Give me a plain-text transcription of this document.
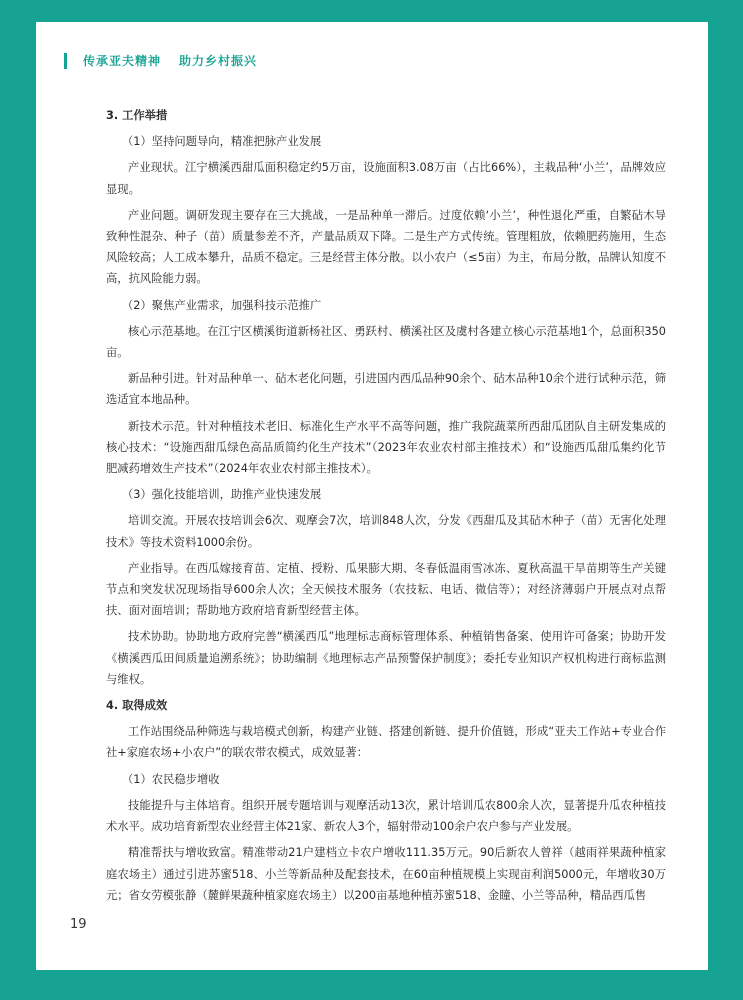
传承亚夫精神 助力乡村振兴

3. 工作举措

（1）坚持问题导向，精准把脉产业发展

产业现状。江宁横溪西甜瓜面积稳定约5万亩，设施面积3.08万亩（占比66%），主栽品种‘小兰’，品牌效应显现。

产业问题。调研发现主要存在三大挑战，一是品种单一滞后。过度依赖‘小兰’，种性退化严重，自繁砧木导致种性混杂、种子（苗）质量参差不齐，产量品质双下降。二是生产方式传统。管理粗放，依赖肥药施用，生态风险较高；人工成本攀升，品质不稳定。三是经营主体分散。以小农户（≤5亩）为主，布局分散，品牌认知度不高，抗风险能力弱。

（2）聚焦产业需求，加强科技示范推广

核心示范基地。在江宁区横溪街道新杨社区、勇跃村、横溪社区及虞村各建立核心示范基地1个，总面积350亩。

新品种引进。针对品种单一、砧木老化问题，引进国内西瓜品种90余个、砧木品种10余个进行试种示范，筛选适宜本地品种。

新技术示范。针对种植技术老旧、标准化生产水平不高等问题，推广我院蔬菜所西甜瓜团队自主研发集成的核心技术：“设施西甜瓜绿色高品质简约化生产技术”（2023年农业农村部主推技术）和“设施西瓜甜瓜集约化节肥减药增效生产技术”（2024年农业农村部主推技术）。

（3）强化技能培训，助推产业快速发展

培训交流。开展农技培训会6次、观摩会7次，培训848人次，分发《西甜瓜及其砧木种子（苗）无害化处理技术》等技术资料1000余份。

产业指导。在西瓜嫁接育苗、定植、授粉、瓜果膨大期、冬春低温雨雪冰冻、夏秋高温干旱苗期等生产关键节点和突发状况现场指导600余人次；全天候技术服务（农技耘、电话、微信等）；对经济薄弱户开展点对点帮扶、面对面培训；帮助地方政府培育新型经营主体。

技术协助。协助地方政府完善“横溪西瓜”地理标志商标管理体系、种植销售备案、使用许可备案；协助开发《横溪西瓜田间质量追溯系统》；协助编制《地理标志产品预警保护制度》；委托专业知识产权机构进行商标监测与维权。

4. 取得成效

工作站围绕品种筛选与栽培模式创新，构建产业链、搭建创新链、提升价值链，形成“亚夫工作站+专业合作社+家庭农场+小农户”的联农带农模式，成效显著：

（1）农民稳步增收

技能提升与主体培育。组织开展专题培训与观摩活动13次，累计培训瓜农800余人次，显著提升瓜农种植技术水平。成功培育新型农业经营主体21家、新农人3个，辐射带动100余户农户参与产业发展。

精准帮扶与增收致富。精准带动21户建档立卡农户增收111.35万元。90后新农人曾祥（越雨祥果蔬种植家庭农场主）通过引进苏蜜518、小兰等新品种及配套技术，在60亩种植规模上实现亩利润5000元，年增收30万元；省女劳模张静（麓鲜果蔬种植家庭农场主）以200亩基地种植苏蜜518、金瞳、小兰等品种，精品西瓜售

19
